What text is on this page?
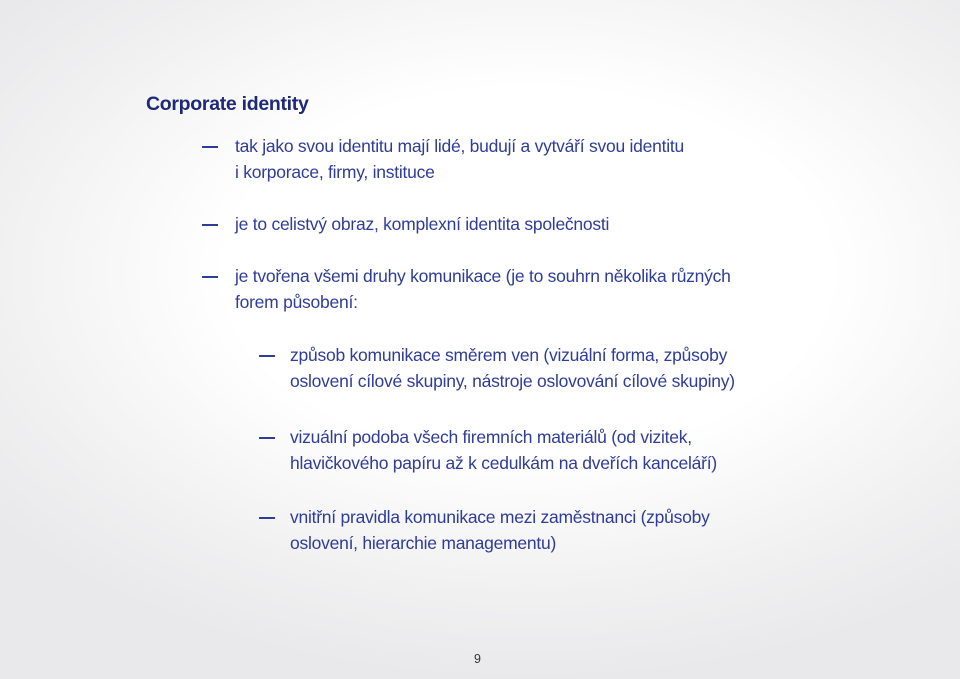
Corporate identity
tak jako svou identitu mají lidé, budují a vytváří svou identitu
i korporace, firmy, instituce
je to celistvý obraz, komplexní identita společnosti
je tvořena všemi druhy komunikace (je to souhrn několika různých
forem působení:
způsob komunikace směrem ven (vizuální forma, způsoby
oslovení cílové skupiny, nástroje oslovování cílové skupiny)
vizuální podoba všech firemních materiálů (od vizitek,
hlavičkového papíru až k cedulkám na dveřích kanceláří)
vnitřní pravidla komunikace mezi zaměstnanci (způsoby
oslovení, hierarchie managementu)
9
